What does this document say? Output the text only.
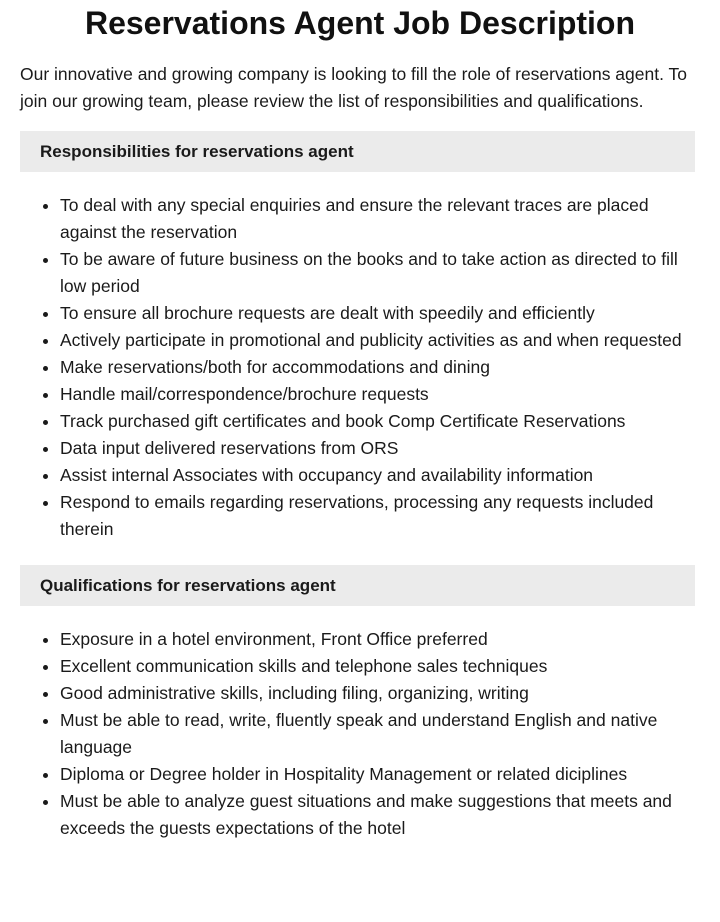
Reservations Agent Job Description

Our innovative and growing company is looking to fill the role of reservations agent. To join our growing team, please review the list of responsibilities and qualifications.

Responsibilities for reservations agent
• To deal with any special enquiries and ensure the relevant traces are placed against the reservation
• To be aware of future business on the books and to take action as directed to fill low period
• To ensure all brochure requests are dealt with speedily and efficiently
• Actively participate in promotional and publicity activities as and when requested
• Make reservations/both for accommodations and dining
• Handle mail/correspondence/brochure requests
• Track purchased gift certificates and book Comp Certificate Reservations
• Data input delivered reservations from ORS
• Assist internal Associates with occupancy and availability information
• Respond to emails regarding reservations, processing any requests included therein
Qualifications for reservations agent
• Exposure in a hotel environment, Front Office preferred
• Excellent communication skills and telephone sales techniques
• Good administrative skills, including filing, organizing, writing
• Must be able to read, write, fluently speak and understand English and native language
• Diploma or Degree holder in Hospitality Management or related diciplines
• Must be able to analyze guest situations and make suggestions that meets and exceeds the guests expectations of the hotel
